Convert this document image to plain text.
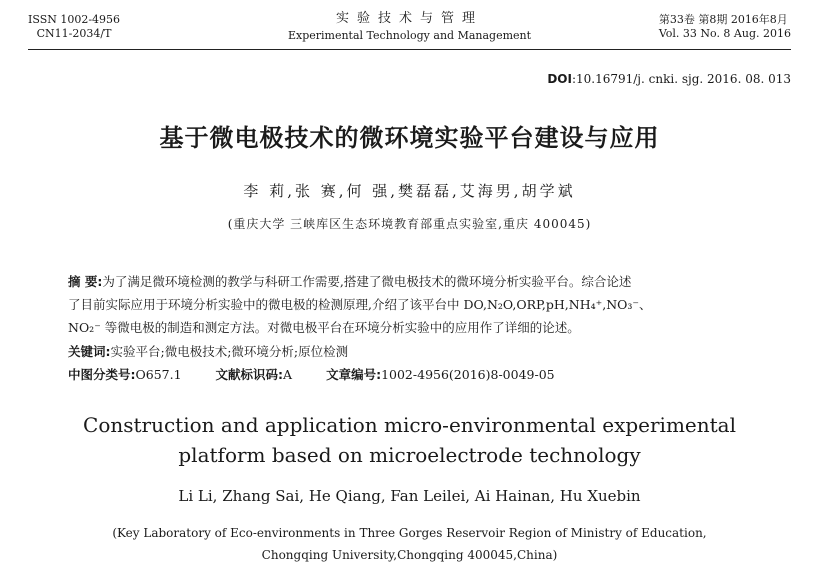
ISSN 1002-4956
CN11-2034/T
实验技术与管理
Experimental Technology and Management
第33卷 第8期 2016年8月
Vol. 33 No. 8 Aug. 2016
DOI:10.16791/j. cnki. sjg. 2016. 08. 013
基于微电极技术的微环境实验平台建设与应用
李 莉,张 赛,何 强,樊磊磊,艾海男,胡学斌
(重庆大学 三峡库区生态环境教育部重点实验室,重庆 400045)

摘 要:为了满足微环境检测的教学与科研工作需要,搭建了微电极技术的微环境分析实验平台。综合论述

了目前实际应用于环境分析实验中的微电极的检测原理,介绍了该平台中 DO,N₂O,ORP,pH,NH₄⁺,NO₃⁻、

NO₂⁻ 等微电极的制造和测定方法。对微电极平台在环境分析实验中的应用作了详细的论述。

关键词:实验平台;微电极技术;微环境分析;原位检测
中图分类号:O657.1	文献标识码:A	文章编号:1002-4956(2016)8-0049-05
Construction and application micro-environmental experimental
platform based on microelectrode technology
Li Li, Zhang Sai, He Qiang, Fan Leilei, Ai Hainan, Hu Xuebin
(Key Laboratory of Eco-environments in Three Gorges Reservoir Region of Ministry of Education,
Chongqing University,Chongqing 400045,China)
